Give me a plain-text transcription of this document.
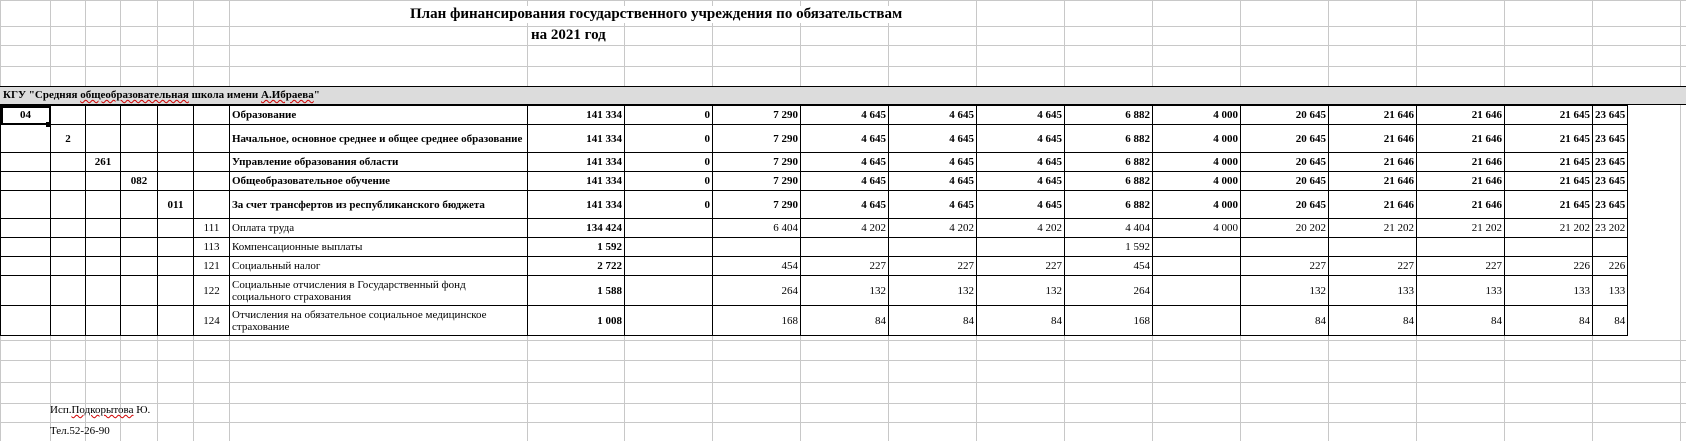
План финансирования государственного учреждения по обязательствам
на 2021 год
КГУ "Средняя общеобразовательная школа имени А.Ибраева"
04						Образование	141 334	0	7 290	4 645	4 645	4 645	6 882	4 000	20 645	21 646	21 646	21 645	23 645
	2					Начальное, основное среднее и общее среднее образование	141 334	0	7 290	4 645	4 645	4 645	6 882	4 000	20 645	21 646	21 646	21 645	23 645
		261				Управление образования области	141 334	0	7 290	4 645	4 645	4 645	6 882	4 000	20 645	21 646	21 646	21 645	23 645
			082			Общеобразовательное обучение	141 334	0	7 290	4 645	4 645	4 645	6 882	4 000	20 645	21 646	21 646	21 645	23 645
				011		За счет трансфертов из республиканского бюджета	141 334	0	7 290	4 645	4 645	4 645	6 882	4 000	20 645	21 646	21 646	21 645	23 645
					111	Оплата труда	134 424		6 404	4 202	4 202	4 202	4 404	4 000	20 202	21 202	21 202	21 202	23 202
					113	Компенсационные выплаты	1 592						1 592						
					121	Социальный налог	2 722		454	227	227	227	454		227	227	227	226	226
					122	Социальные отчисления в Государственный фонд социального страхования	1 588		264	132	132	132	264		132	133	133	133	133
					124	Отчисления на обязательное социальное медицинское страхование	1 008		168	84	84	84	168		84	84	84	84	84
Исп.Подкорытова Ю.
Тел.52-26-90
